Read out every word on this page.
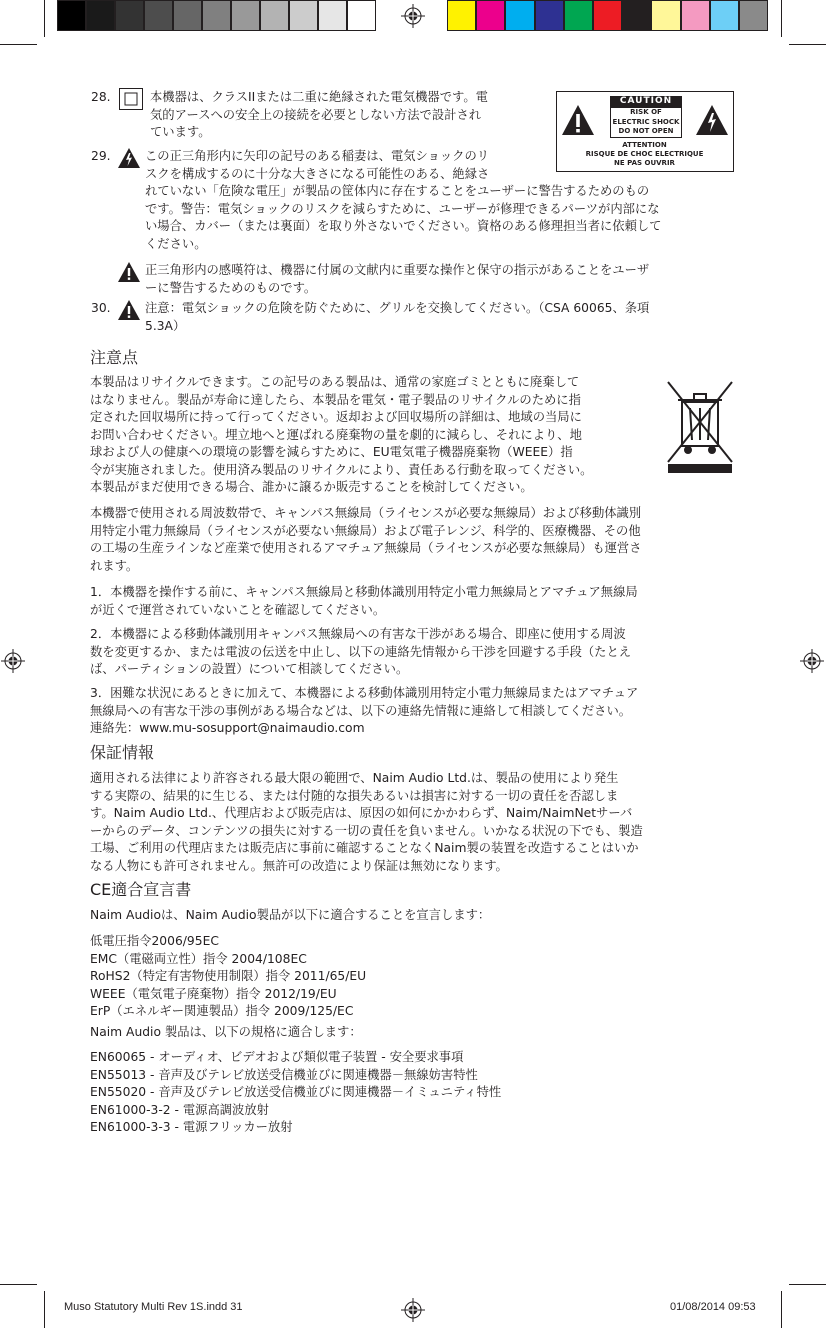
28.	本機器は、クラスIIまたは二重に絶縁された電気機器です。電
気的アースへの安全上の接続を必要としない方法で設計され
ています。
CAUTION
RISK OF
ELECTRIC SHOCK
DO NOT OPEN
ATTENTION
RISQUE DE CHOC ELECTRIQUE
NE PAS OUVRIR
29.	この正三角形内に矢印の記号のある稲妻は、電気ショックのリ
スクを構成するのに十分な大きさになる可能性のある、絶縁さ
れていない「危険な電圧」が製品の筐体内に存在することをユーザーに警告するためのもの
です。警告：電気ショックのリスクを減らすために、ユーザーが修理できるパーツが内部にな
い場合、カバー（または裏面）を取り外さないでください。資格のある修理担当者に依頼して
ください。
正三角形内の感嘆符は、機器に付属の文献内に重要な操作と保守の指示があることをユーザ
ーに警告するためのものです。
30.	注意：電気ショックの危険を防ぐために、グリルを交換してください。（CSA 60065、条項
5.3A）
注意点
本製品はリサイクルできます。この記号のある製品は、通常の家庭ゴミとともに廃棄して
はなりません。製品が寿命に達したら、本製品を電気・電子製品のリサイクルのために指
定された回収場所に持って行ってください。返却および回収場所の詳細は、地域の当局に
お問い合わせください。埋立地へと運ばれる廃棄物の量を劇的に減らし、それにより、地
球および人の健康への環境の影響を減らすために、EU電気電子機器廃棄物（WEEE）指
令が実施されました。使用済み製品のリサイクルにより、責任ある行動を取ってください。
本製品がまだ使用できる場合、誰かに譲るか販売することを検討してください。
本機器で使用される周波数帯で、キャンパス無線局（ライセンスが必要な無線局）および移動体識別
用特定小電力無線局（ライセンスが必要ない無線局）および電子レンジ、科学的、医療機器、その他
の工場の生産ラインなど産業で使用されるアマチュア無線局（ライセンスが必要な無線局）も運営さ
れます。
1．本機器を操作する前に、キャンパス無線局と移動体識別用特定小電力無線局とアマチュア無線局
が近くで運営されていないことを確認してください。
2．本機器による移動体識別用キャンパス無線局への有害な干渉がある場合、即座に使用する周波
数を変更するか、または電波の伝送を中止し、以下の連絡先情報から干渉を回避する手段（たとえ
ば、パーティションの設置）について相談してください。
3．困難な状況にあるときに加えて、本機器による移動体識別用特定小電力無線局またはアマチュア
無線局への有害な干渉の事例がある場合などは、以下の連絡先情報に連絡して相談してください。
連絡先：www.mu-sosupport@naimaudio.com
保証情報
適用される法律により許容される最大限の範囲で、Naim Audio Ltd.は、製品の使用により発生
する実際の、結果的に生じる、または付随的な損失あるいは損害に対する一切の責任を否認しま
す。Naim Audio Ltd.、代理店および販売店は、原因の如何にかかわらず、Naim/NaimNetサーバ
ーからのデータ、コンテンツの損失に対する一切の責任を負いません。いかなる状況の下でも、製造
工場、ご利用の代理店または販売店に事前に確認することなくNaim製の装置を改造することはいか
なる人物にも許可されません。無許可の改造により保証は無効になります。
CE適合宣言書
Naim Audioは、Naim Audio製品が以下に適合することを宣言します：
低電圧指令2006/95EC
EMC（電磁両立性）指令 2004/108EC
RoHS2（特定有害物使用制限）指令 2011/65/EU
WEEE（電気電子廃棄物）指令 2012/19/EU
ErP（エネルギー関連製品）指令 2009/125/EC
Naim Audio 製品は、以下の規格に適合します：
EN60065 - オーディオ、ビデオおよび類似電子装置 - 安全要求事項
EN55013 - 音声及びテレビ放送受信機並びに関連機器－無線妨害特性
EN55020 - 音声及びテレビ放送受信機並びに関連機器－イミュニティ特性
EN61000-3-2 - 電源高調波放射
EN61000-3-3 - 電源フリッカー放射
Muso Statutory Multi Rev 1S.indd 31	01/08/2014 09:53
